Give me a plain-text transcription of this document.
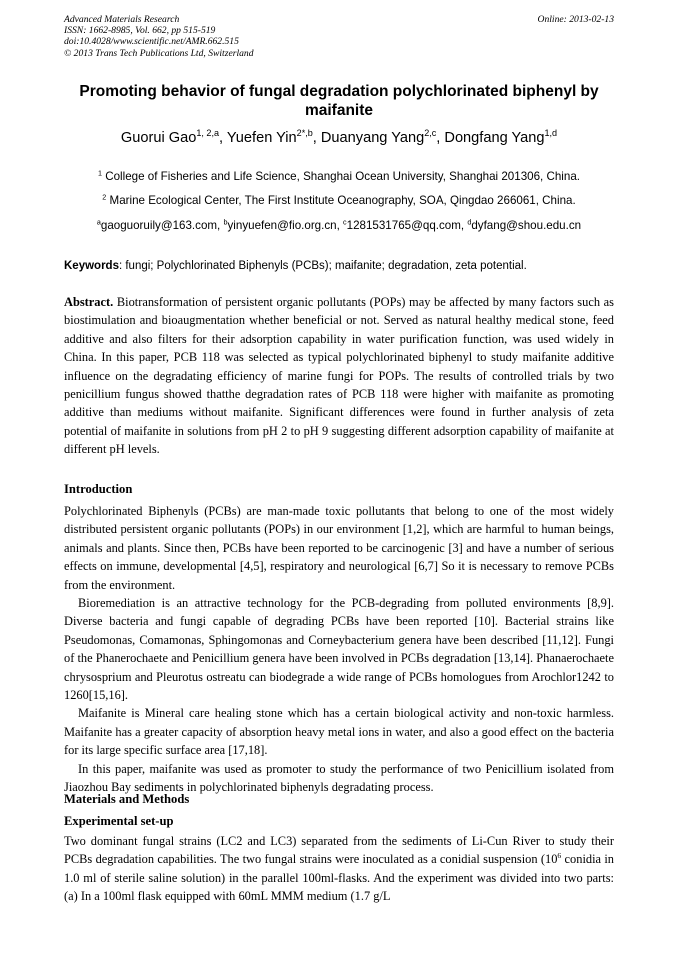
Advanced Materials Research
ISSN: 1662-8985, Vol. 662, pp 515-519
doi:10.4028/www.scientific.net/AMR.662.515
© 2013 Trans Tech Publications Ltd, Switzerland
Online: 2013-02-13
Promoting behavior of fungal degradation polychlorinated biphenyl by maifanite
Guorui Gao$^{1, 2,a}$, Yuefen Yin$^{2*,b}$, Duanyang Yang$^{2,c}$, Dongfang Yang$^{1,d}$
$^1$ College of Fisheries and Life Science, Shanghai Ocean University, Shanghai 201306, China.
$^2$ Marine Ecological Center, The First Institute Oceanography, SOA, Qingdao 266061, China.
$^a$gaoguoruily@163.com, $^b$yinyuefen@fio.org.cn, $^c$1281531765@qq.com, $^d$dyfang@shou.edu.cn
Keywords: fungi; Polychlorinated Biphenyls (PCBs); maifanite; degradation, zeta potential.
Abstract. Biotransformation of persistent organic pollutants (POPs) may be affected by many factors such as biostimulation and bioaugmentation whether beneficial or not. Served as natural healthy medical stone, feed additive and also filters for their adsorption capability in water purification function, was used widely in China. In this paper, PCB 118 was selected as typical polychlorinated biphenyl to study maifanite additive influence on the degradating efficiency of marine fungi for POPs. The results of controlled trials by two penicillium fungus showed thatthe degradation rates of PCB 118 were higher with maifanite as promoting additive than mediums without maifanite. Significant differences were found in further analysis of zeta potential of maifanite in solutions from pH 2 to pH 9 suggesting different adsorption capability of maifanite at different pH levels.
Introduction
Polychlorinated Biphenyls (PCBs) are man-made toxic pollutants that belong to one of the most widely distributed persistent organic pollutants (POPs) in our environment [1,2], which are harmful to human beings, animals and plants. Since then, PCBs have been reported to be carcinogenic [3] and have a number of serious effects on immune, developmental [4,5], respiratory and neurological [6,7] So it is necessary to remove PCBs from the environment.
Bioremediation is an attractive technology for the PCB-degrading from polluted environments [8,9]. Diverse bacteria and fungi capable of degrading PCBs have been reported [10]. Bacterial strains like Pseudomonas, Comamonas, Sphingomonas and Corneybacterium genera have been described [11,12]. Fungi of the Phanerochaete and Penicillium genera have been involved in PCBs degradation [13,14]. Phanaerochaete chrysosprium and Pleurotus ostreatu can biodegrade a wide range of PCBs homologues from Arochlor1242 to 1260[15,16].
Maifanite is Mineral care healing stone which has a certain biological activity and non-toxic harmless. Maifanite has a greater capacity of absorption heavy metal ions in water, and also a good effect on the bacteria for its large specific surface area [17,18].
In this paper, maifanite was used as promoter to study the performance of two Penicillium isolated from Jiaozhou Bay sediments in polychlorinated biphenyls degradating process.
Materials and Methods
Experimental set-up
Two dominant fungal strains (LC2 and LC3) separated from the sediments of Li-Cun River to study their PCBs degradation capabilities. The two fungal strains were inoculated as a conidial suspension ($10^6$ conidia in 1.0 ml of sterile saline solution) in the parallel 100ml-flasks. And the experiment was divided into two parts: (a) In a 100ml flask equipped with 60mL MMM medium (1.7 g/L
